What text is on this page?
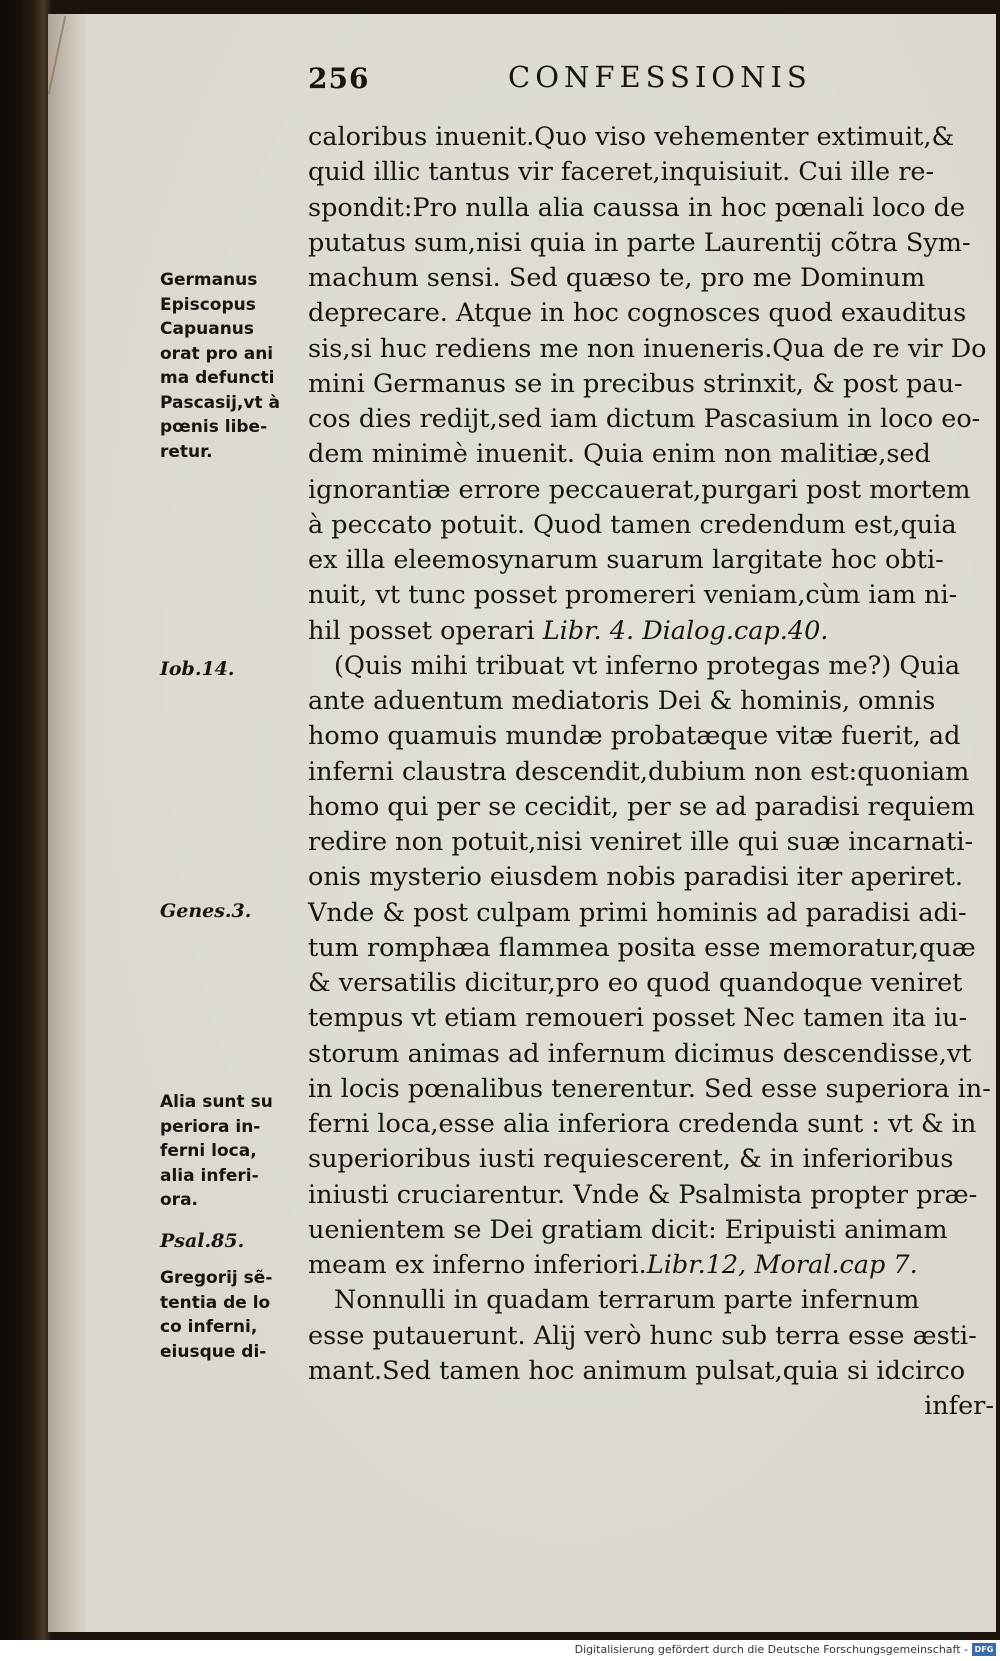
256	CONFESSIONIS
caloribus inuenit.Quo viso vehementer extimuit,&
quid illic tantus vir faceret,inquisiuit. Cui ille re-
spondit:Pro nulla alia caussa in hoc pœnali loco de
putatus sum,nisi quia in parte Laurentij cõtra Sym-
machum sensi. Sed quæso te, pro me Dominum
deprecare. Atque in hoc cognosces quod exauditus
sis,si huc rediens me non inueneris.Qua de re vir Do
mini Germanus se in precibus strinxit, & post pau-
cos dies redijt,sed iam dictum Pascasium in loco eo-
dem minimè inuenit. Quia enim non malitiæ,sed
ignorantiæ errore peccauerat,purgari post mortem
à peccato potuit. Quod tamen credendum est,quia
ex illa eleemosynarum suarum largitate hoc obti-
nuit, vt tunc posset promereri veniam,cùm iam ni-
hil posset operari Libr. 4. Dialog.cap.40.
(Quis mihi tribuat vt inferno protegas me?) Quia
ante aduentum mediatoris Dei & hominis, omnis
homo quamuis mundæ probatæque vitæ fuerit, ad
inferni claustra descendit,dubium non est:quoniam
homo qui per se cecidit, per se ad paradisi requiem
redire non potuit,nisi veniret ille qui suæ incarnati-
onis mysterio eiusdem nobis paradisi iter aperiret.
Vnde & post culpam primi hominis ad paradisi adi-
tum romphæa flammea posita esse memoratur,quæ
& versatilis dicitur,pro eo quod quandoque veniret
tempus vt etiam remoueri posset Nec tamen ita iu-
storum animas ad infernum dicimus descendisse,vt
in locis pœnalibus tenerentur. Sed esse superiora in-
ferni loca,esse alia inferiora credenda sunt : vt & in
superioribus iusti requiescerent, & in inferioribus
iniusti cruciarentur. Vnde & Psalmista propter præ-
uenientem se Dei gratiam dicit: Eripuisti animam
meam ex inferno inferiori.Libr.12, Moral.cap 7.
Nonnulli in quadam terrarum parte infernum
esse putauerunt. Alij verò hunc sub terra esse æsti-
mant.Sed tamen hoc animum pulsat,quia si idcirco
infer-
Germanus
Episcopus
Capuanus
orat pro ani
ma defuncti
Pascasij,vt à
pœnis libe-
retur.
Iob.14.
Genes.3.
Alia sunt su
periora in-
ferni loca,
alia inferi-
ora.
Psal.85.
Gregorij sẽ-
tentia de lo
co inferni,
eiusque di-
Digitalisierung gefördert durch die Deutsche Forschungsgemeinschaft - DFG
